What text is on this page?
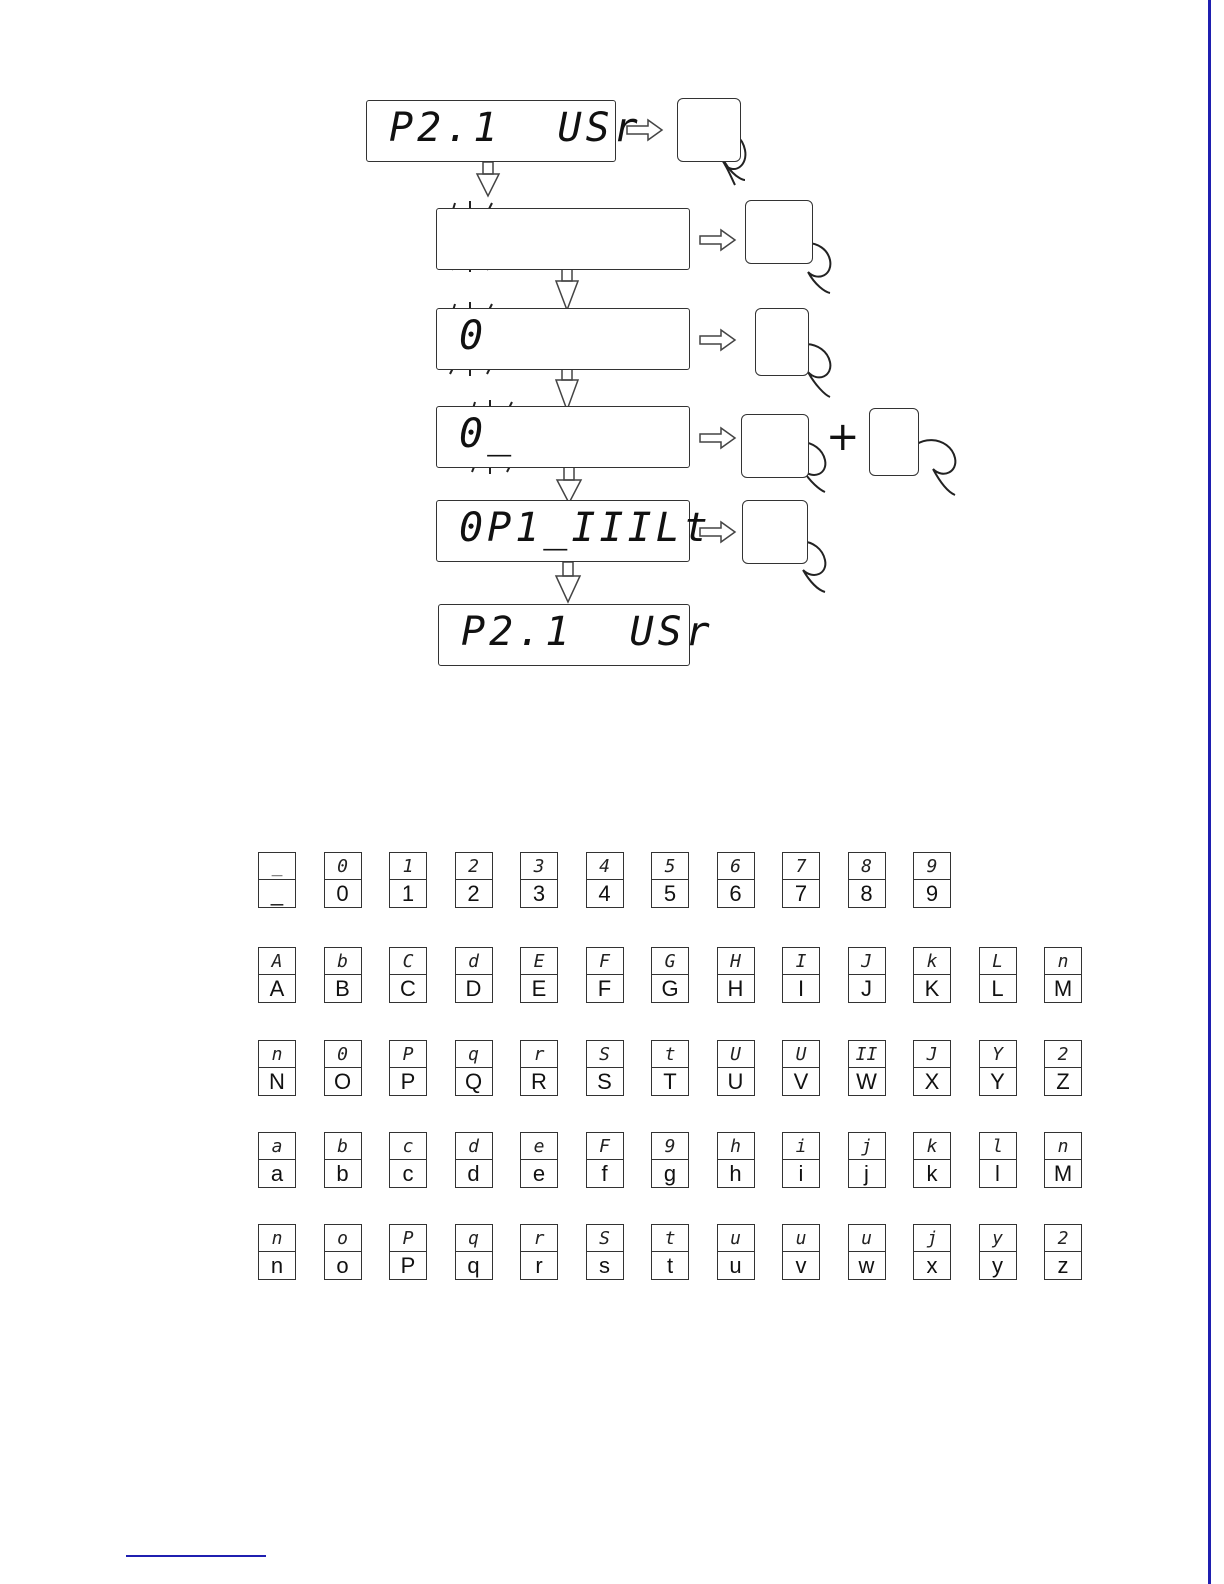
P2.1  USr
0
0_
0P1_IIILt
P2.1  USr
+
_
_
0
0
1
1
2
2
3
3
4
4
5
5
6
6
7
7
8
8
9
9
A
A
b
B
C
C
d
D
E
E
F
F
G
G
H
H
I
I
J
J
k
K
L
L
n
M
n
N
0
O
P
P
q
Q
r
R
S
S
t
T
U
U
U
V
II
W
J
X
Y
Y
2
Z
a
a
b
b
c
c
d
d
e
e
F
f
9
g
h
h
i
i
j
j
k
k
l
l
n
M
n
n
o
o
P
P
q
q
r
r
S
s
t
t
u
u
u
v
u
w
j
x
y
y
2
z
